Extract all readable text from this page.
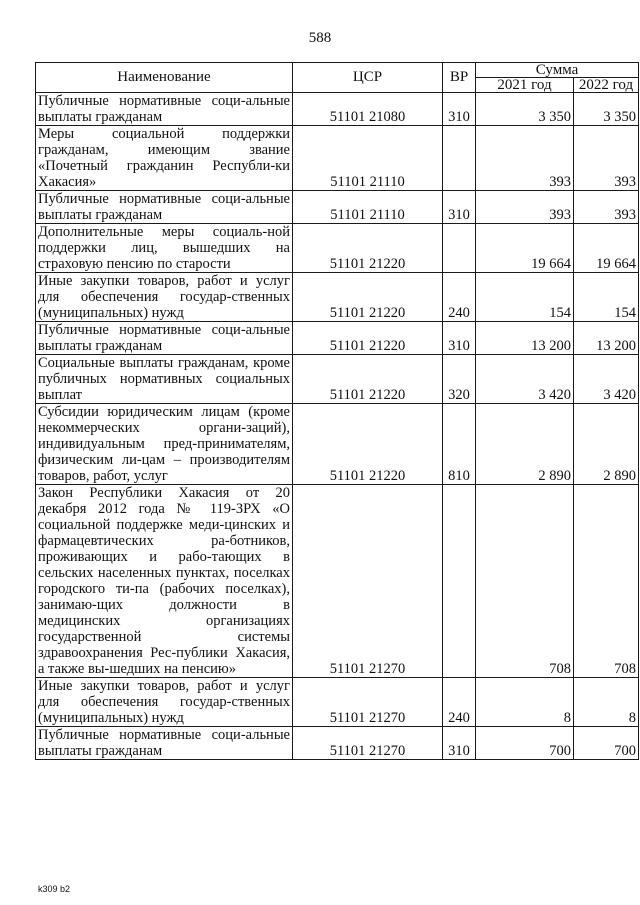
588
Наименование	ЦСР	ВР	Сумма	
			2021 год	2022 год
Публичные нормативные соци-альные выплаты гражданам	51101 21080	310	3 350	3 350
Меры социальной поддержки гражданам, имеющим звание «Почетный гражданин Республи-ки Хакасия»	51101 21110		393	393
Публичные нормативные соци-альные выплаты гражданам	51101 21110	310	393	393
Дополнительные меры социаль-ной поддержки лиц, вышедших на страховую пенсию по старости	51101 21220		19 664	19 664
Иные закупки товаров, работ и услуг для обеспечения государ-ственных (муниципальных) нужд	51101 21220	240	154	154
Публичные нормативные соци-альные выплаты гражданам	51101 21220	310	13 200	13 200
Социальные выплаты гражданам, кроме публичных нормативных социальных выплат	51101 21220	320	3 420	3 420
Субсидии юридическим лицам (кроме некоммерческих органи-заций), индивидуальным пред-принимателям, физическим ли-цам – производителям товаров, работ, услуг	51101 21220	810	2 890	2 890
Закон Республики Хакасия от 20 декабря 2012 года № 119-ЗРХ «О социальной поддержке меди-цинских и фармацевтических ра-ботников, проживающих и рабо-тающих в сельских населенных пунктах, поселках городского ти-па (рабочих поселках), занимаю-щих должности в медицинских организациях государственной системы здравоохранения Рес-публики Хакасия, а также вы-шедших на пенсию»	51101 21270		708	708
Иные закупки товаров, работ и услуг для обеспечения государ-ственных (муниципальных) нужд	51101 21270	240	8	8
Публичные нормативные соци-альные выплаты гражданам	51101 21270	310	700	700
k309 b2
